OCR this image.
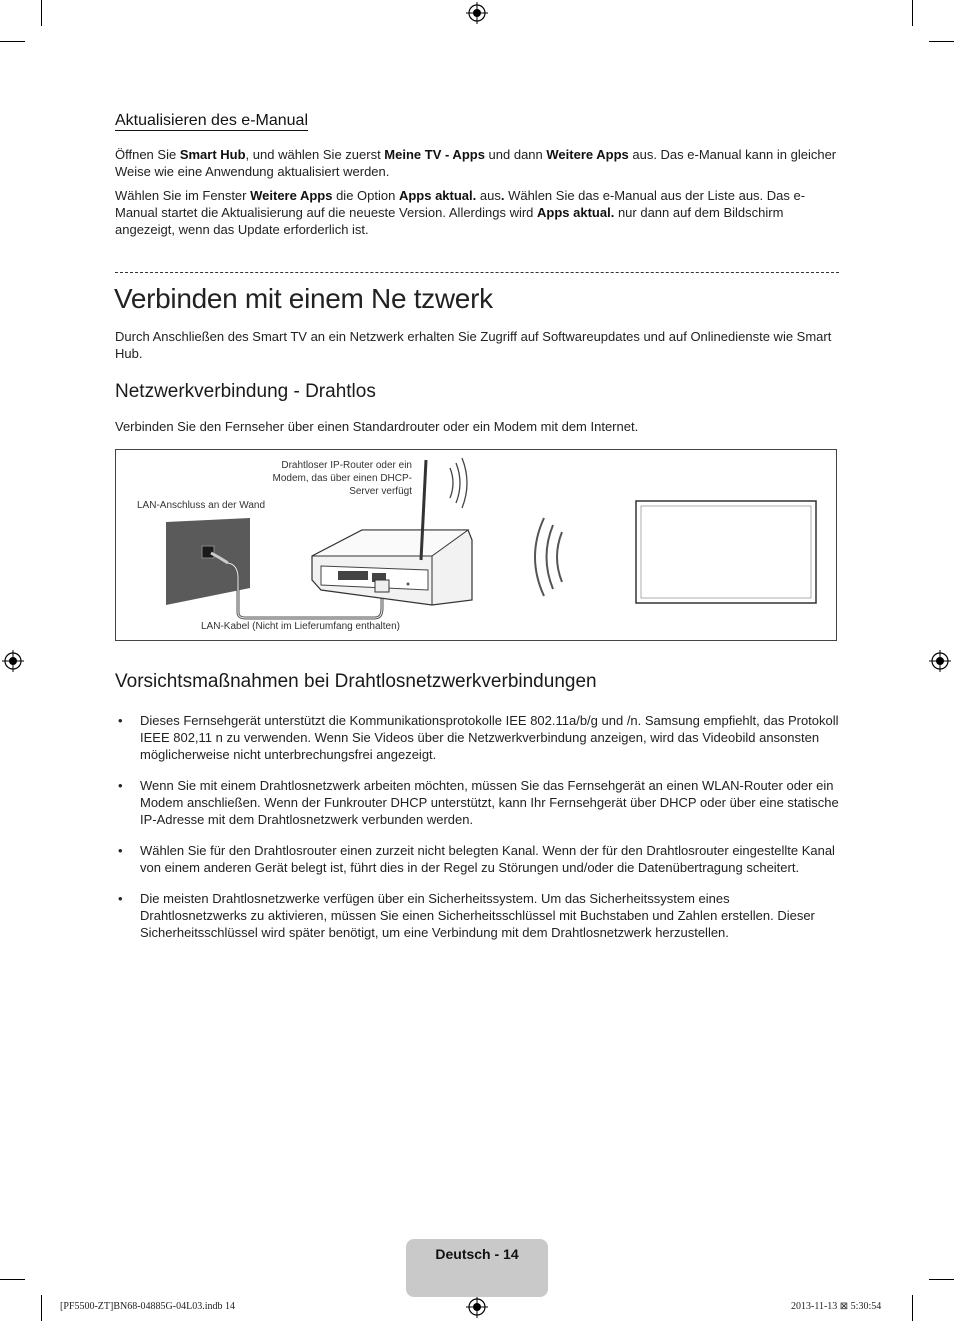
Aktualisieren des e-Manual
Öffnen Sie Smart Hub, und wählen Sie zuerst Meine TV - Apps und dann Weitere Apps aus. Das e-Manual kann in gleicher Weise wie eine Anwendung aktualisiert werden.
Wählen Sie im Fenster Weitere Apps die Option Apps aktual. aus. Wählen Sie das e-Manual aus der Liste aus. Das e-Manual startet die Aktualisierung auf die neueste Version. Allerdings wird Apps aktual. nur dann auf dem Bildschirm angezeigt, wenn das Update erforderlich ist.
Verbinden mit einem Ne tzwerk
Durch Anschließen des Smart TV an ein Netzwerk erhalten Sie Zugriff auf Softwareupdates und auf Onlinedienste wie Smart Hub.
Netzwerkverbindung - Drahtlos
Verbinden Sie den Fernseher über einen Standardrouter oder ein Modem mit dem Internet.
Drahtloser IP-Router oder ein
Modem, das über einen DHCP-
Server verfügt
LAN-Anschluss an der Wand
LAN-Kabel (Nicht im Lieferumfang enthalten)
Vorsichtsmaßnahmen bei Drahtlosnetzwerkverbindungen
• Dieses Fernsehgerät unterstützt die Kommunikationsprotokolle IEE 802.11a/b/g und /n. Samsung empfiehlt, das Protokoll IEEE 802,11 n zu verwenden. Wenn Sie Videos über die Netzwerkverbindung anzeigen, wird das Videobild ansonsten möglicherweise nicht unterbrechungsfrei angezeigt.
• Wenn Sie mit einem Drahtlosnetzwerk arbeiten möchten, müssen Sie das Fernsehgerät an einen WLAN-Router oder ein Modem anschließen. Wenn der Funkrouter DHCP unterstützt, kann Ihr Fernsehgerät über DHCP oder über eine statische IP-Adresse mit dem Drahtlosnetzwerk verbunden werden.
• Wählen Sie für den Drahtlosrouter einen zurzeit nicht belegten Kanal. Wenn der für den Drahtlosrouter eingestellte Kanal von einem anderen Gerät belegt ist, führt dies in der Regel zu Störungen und/oder die Datenübertragung scheitert.
• Die meisten Drahtlosnetzwerke verfügen über ein Sicherheitssystem. Um das Sicherheitssystem eines Drahtlosnetzwerks zu aktivieren, müssen Sie einen Sicherheitsschlüssel mit Buchstaben und Zahlen erstellen. Dieser Sicherheitsschlüssel wird später benötigt, um eine Verbindung mit dem Drahtlosnetzwerk herzustellen.
Deutsch - 14
[PF5500-ZT]BN68-04885G-04L03.indb 14	2013-11-13 ⊠ 5:30:54
